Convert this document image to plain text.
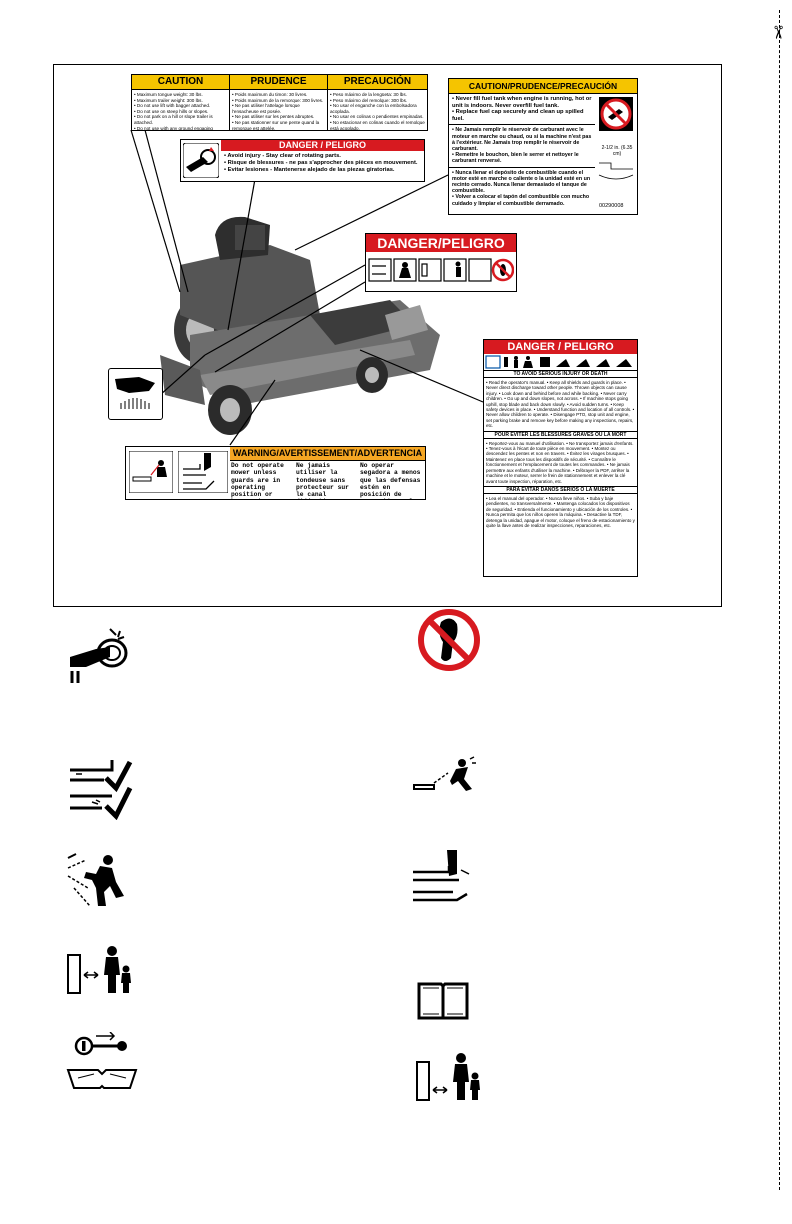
✂
CAUTION
• Maximum tongue weight: 30 lbs.
• Maximum trailer weight: 300 lbs.
• Do not use lift with bagger attached.
• Do not use on steep hills or slopes.
• Do not park on a hill or slope trailer is attached.
• Do not use with any ground engaging
PRUDENCE
• Poids maximum du timon: 30 livres.
• Poids maximum de la remorque: 300 livres.
• Ne pas utiliser l'attelage lorsque l'ensacheuse est posée.
• Ne pas utiliser sur les pentes abruptes.
• Ne pas stationner sur une pente quand la remorque est attelée.

PRECAUCIÓN
• Peso máximo de la lengüeta: 30 lbs.
• Peso máximo del remolque: 300 lbs.
• No usar el enganche con la embolsadora acoplada.
• No usar en colinas o pendientes empinadas.
• No estacionar en colinas cuando el remolque está acoplado.

CAUTION/PRUDENCE/PRECAUCIÓN
• Never fill fuel tank when engine is running, hot or unit is indoors. Never overfill fuel tank.
• Replace fuel cap securely and clean up spilled fuel.
• Ne Jamais remplir le réservoir de carburant avec le moteur en marche ou chaud, ou si la machine n'est pas à l'extérieur. Ne Jamais trop remplir le réservoir de carburant.
• Remettre le bouchon, bien le serrer et nettoyer le carburant renversé.
• Nunca llenar el depósito de combustible cuando el motor esté en marche o caliente o la unidad esté en un recinto cerrado. Nunca llenar demasiado el tanque de combustible.
• Volver a colocar el tapón del combustible con mucho cuidado y limpiar el combustible derramado.
2-1/2 in. (6.35 cm)
00290008
DANGER / PELIGRO
• Avoid injury - Stay clear of rotating parts.
• Risque de blessures - ne pas s'approcher des pièces en mouvement.
• Evitar lesiones - Mantenerse alejado de las piezas giratorias.
DANGER/PELIGRO
WARNING/AVERTISSEMENT/ADVERTENCIA
Do not operate mower unless guards are in operating position or
Ne jamais utiliser la tondeuse sans protecteur sur le canal
No operar segadora a menos que las defensas estén en posición de
DANGER / PELIGRO
TO AVOID SERIOUS INJURY OR DEATH
• Read the operator's manual. • Keep all shields and guards in place. • Never direct discharge toward other people. Thrown objects can cause injury. • Look down and behind before and while backing. • Never carry children. • Go up and down slopes, not across. • If machine stops going uphill, stop blade and back down slowly. • Avoid sudden turns. • Keep safety devices in place. • Understand function and location of all controls. • Never allow children to operate. • Disengage PTO, stop unit and engine, set parking brake and remove key before making any inspections, repairs, etc.
POUR ÉVITER LES BLESSURES GRAVES OU LA MORT
• Reportez-vous au manuel d'utilisation. • Ne transportez jamais d'enfants. • Tenez-vous à l'écart de toute pièce en mouvement. • Montez ou descendez les pentes et non en travers. • Évitez les virages brusques. • Maintenez en place tous les dispositifs de sécurité. • Connaître le fonctionnement et l'emplacement de toutes les commandes. • Ne jamais permettre aux enfants d'utiliser la machine. • Débrayer la PDF, arrêter la machine et le moteur, serrer le frein de stationnement et enlever la clé avant toute inspection, réparation, etc.
PARA EVITAR DAÑOS SERIOS O LA MUERTE
• Lea el manual del operador. • Nunca lleve niños. • Suba y baje pendientes, no transversalmente. • Mantenga colocados los dispositivos de seguridad. • Entienda el funcionamiento y ubicación de los controles. • Nunca permita que los niños operen la máquina. • Desactive la TDF, detenga la unidad, apague el motor, coloque el freno de estacionamiento y quite la llave antes de realizar inspecciones, reparaciones, etc.
